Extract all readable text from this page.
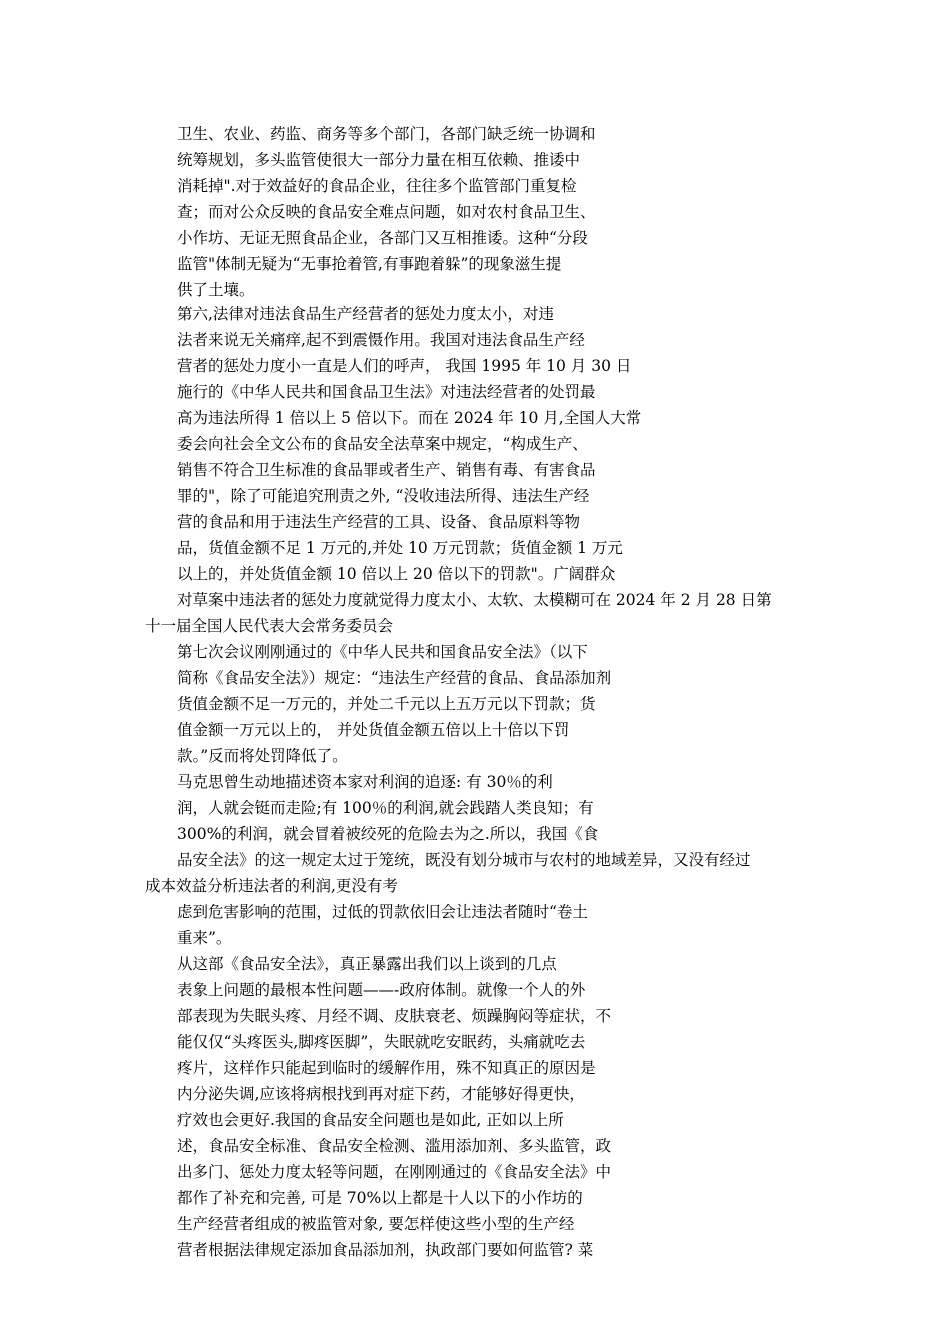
卫生、农业、药监、商务等多个部门，各部门缺乏统一协调和

统筹规划，多头监管使很大一部分力量在相互依赖、推诿中

消耗掉".对于效益好的食品企业，往往多个监管部门重复检

查；而对公众反映的食品安全难点问题，如对农村食品卫生、

小作坊、无证无照食品企业，各部门又互相推诿。这种“分段

监管"体制无疑为“无事抢着管,有事跑着躲”的现象滋生提

供了土壤。

第六,法律对违法食品生产经营者的惩处力度太小，对违

法者来说无关痛痒,起不到震慑作用。我国对违法食品生产经

营者的惩处力度小一直是人们的呼声， 我国 1995 年 10 月 30 日

施行的《中华人民共和国食品卫生法》对违法经营者的处罚最

高为违法所得 1 倍以上 5 倍以下。而在 2024 年 10 月,全国人大常

委会向社会全文公布的食品安全法草案中规定，“构成生产、

销售不符合卫生标准的食品罪或者生产、销售有毒、有害食品

罪的"，除了可能追究刑责之外, “没收违法所得、违法生产经

营的食品和用于违法生产经营的工具、设备、食品原料等物

品，货值金额不足 1 万元的,并处 10 万元罚款；货值金额 1 万元

以上的，并处货值金额 10 倍以上 20 倍以下的罚款"。广阔群众

对草案中违法者的惩处力度就觉得力度太小、太软、太模糊可在 2024 年 2 月 28 日第

十一届全国人民代表大会常务委员会

第七次会议刚刚通过的《中华人民共和国食品安全法》（以下

简称《食品安全法》）规定：“违法生产经营的食品、食品添加剂

货值金额不足一万元的，并处二千元以上五万元以下罚款；货

值金额一万元以上的， 并处货值金额五倍以上十倍以下罚

款。”反而将处罚降低了。

马克思曾生动地描述资本家对利润的追逐: 有 30％的利

润，人就会铤而走险;有 100％的利润,就会践踏人类良知；有

300%的利润，就会冒着被绞死的危险去为之.所以，我国《食

品安全法》的这一规定太过于笼统，既没有划分城市与农村的地域差异，又没有经过

成本效益分析违法者的利润,更没有考

虑到危害影响的范围，过低的罚款依旧会让违法者随时“卷土

重来”。

从这部《食品安全法》，真正暴露出我们以上谈到的几点

表象上问题的最根本性问题——-政府体制。就像一个人的外

部表现为失眠头疼、月经不调、皮肤衰老、烦躁胸闷等症状，不

能仅仅“头疼医头,脚疼医脚”，失眠就吃安眠药，头痛就吃去

疼片，这样作只能起到临时的缓解作用，殊不知真正的原因是

内分泌失调,应该将病根找到再对症下药，才能够好得更快，

疗效也会更好.我国的食品安全问题也是如此, 正如以上所

述，食品安全标准、食品安全检测、滥用添加剂、多头监管，政

出多门、惩处力度太轻等问题，在刚刚通过的《食品安全法》中

都作了补充和完善, 可是 70%以上都是十人以下的小作坊的

生产经营者组成的被监管对象, 要怎样使这些小型的生产经

营者根据法律规定添加食品添加剂，执政部门要如何监管? 菜
